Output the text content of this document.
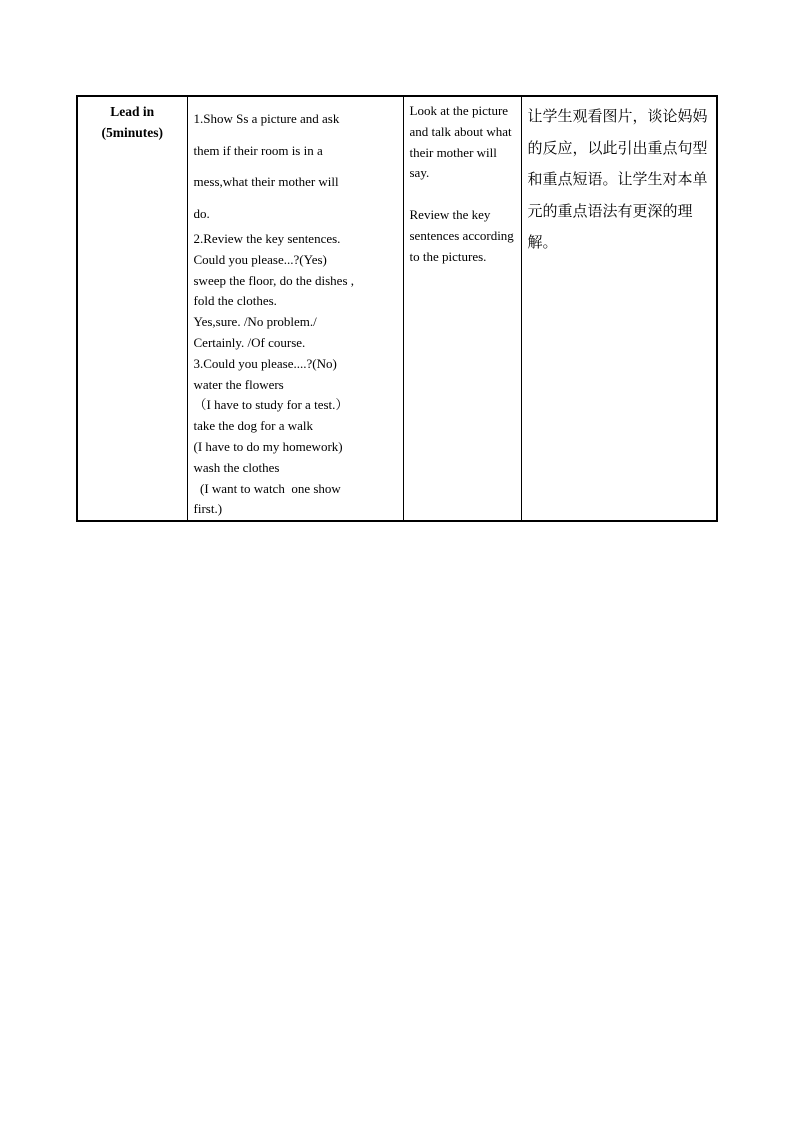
Lead in
(5minutes)

1.Show Ss a picture and ask
them if their room is in a
mess,what their mother will
do.
2.Review the key sentences.
Could you please...?(Yes)
sweep the floor, do the dishes ,
fold the clothes.
Yes,sure. /No problem./
Certainly. /Of course.
3.Could you please....?(No)
water the flowers
（I have to study for a test.）
take the dog for a walk
(I have to do my homework)
wash the clothes
(I want to watch  one show
first.)

Look at the picture and talk about what their mother will say.
Review the key sentences according to the pictures.

让学生观看图片，谈论妈妈的反应，以此引出重点句型和重点短语。让学生对本单元的重点语法有更深的理解。
